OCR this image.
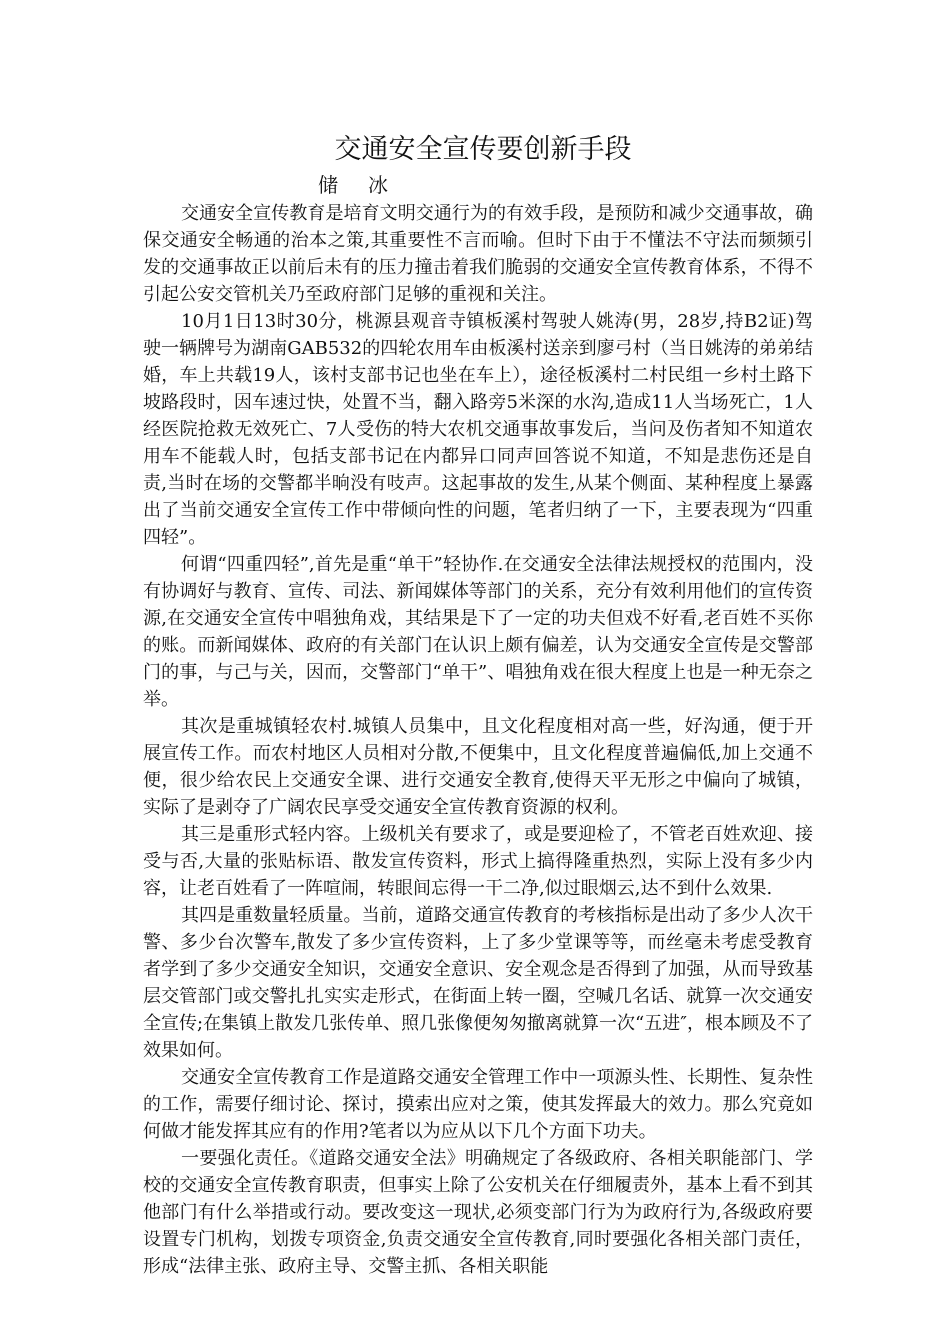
交通安全宣传要创新手段

储冰

交通安全宣传教育是培育文明交通行为的有效手段，是预防和减少交通事故，确保交通安全畅通的治本之策,其重要性不言而喻。但时下由于不懂法不守法而频频引发的交通事故正以前后未有的压力撞击着我们脆弱的交通安全宣传教育体系，不得不引起公安交管机关乃至政府部门足够的重视和关注。

10月1日13时30分，桃源县观音寺镇板溪村驾驶人姚涛(男，28岁,持B2证)驾驶一辆牌号为湖南GAB532的四轮农用车由板溪村送亲到廖弓村（当日姚涛的弟弟结婚，车上共载19人，该村支部书记也坐在车上），途径板溪村二村民组一乡村土路下坡路段时，因车速过快，处置不当，翻入路旁5米深的水沟,造成11人当场死亡，1人经医院抢救无效死亡、7人受伤的特大农机交通事故事发后，当问及伤者知不知道农用车不能载人时，包括支部书记在内都异口同声回答说不知道，不知是悲伤还是自责,当时在场的交警都半晌没有吱声。这起事故的发生,从某个侧面、某种程度上暴露出了当前交通安全宣传工作中带倾向性的问题，笔者归纳了一下，主要表现为“四重四轻”。

何谓“四重四轻”,首先是重“单干”轻协作.在交通安全法律法规授权的范围内，没有协调好与教育、宣传、司法、新闻媒体等部门的关系，充分有效利用他们的宣传资源,在交通安全宣传中唱独角戏，其结果是下了一定的功夫但戏不好看,老百姓不买你的账。而新闻媒体、政府的有关部门在认识上颇有偏差，认为交通安全宣传是交警部门的事，与己与关，因而，交警部门“单干”、唱独角戏在很大程度上也是一种无奈之举。

其次是重城镇轻农村.城镇人员集中，且文化程度相对高一些，好沟通，便于开展宣传工作。而农村地区人员相对分散,不便集中，且文化程度普遍偏低,加上交通不便，很少给农民上交通安全课、进行交通安全教育,使得天平无形之中偏向了城镇，实际了是剥夺了广阔农民享受交通安全宣传教育资源的权利。

其三是重形式轻内容。上级机关有要求了，或是要迎检了，不管老百姓欢迎、接受与否,大量的张贴标语、散发宣传资料，形式上搞得隆重热烈，实际上没有多少内容，让老百姓看了一阵喧闹，转眼间忘得一干二净,似过眼烟云,达不到什么效果.

其四是重数量轻质量。当前，道路交通宣传教育的考核指标是出动了多少人次干警、多少台次警车,散发了多少宣传资料，上了多少堂课等等，而丝毫未考虑受教育者学到了多少交通安全知识，交通安全意识、安全观念是否得到了加强，从而导致基层交管部门或交警扎扎实实走形式，在街面上转一圈，空喊几名话、就算一次交通安全宣传;在集镇上散发几张传单、照几张像便匆匆撤离就算一次“五进″，根本顾及不了效果如何。

交通安全宣传教育工作是道路交通安全管理工作中一项源头性、长期性、复杂性的工作，需要仔细讨论、探讨，摸索出应对之策，使其发挥最大的效力。那么究竟如何做才能发挥其应有的作用?笔者以为应从以下几个方面下功夫。

一要强化责任。《道路交通安全法》明确规定了各级政府、各相关职能部门、学校的交通安全宣传教育职责，但事实上除了公安机关在仔细履责外，基本上看不到其他部门有什么举措或行动。要改变这一现状,必须变部门行为为政府行为,各级政府要设置专门机构，划拨专项资金,负责交通安全宣传教育,同时要强化各相关部门责任，形成“法律主张、政府主导、交警主抓、各相关职能
